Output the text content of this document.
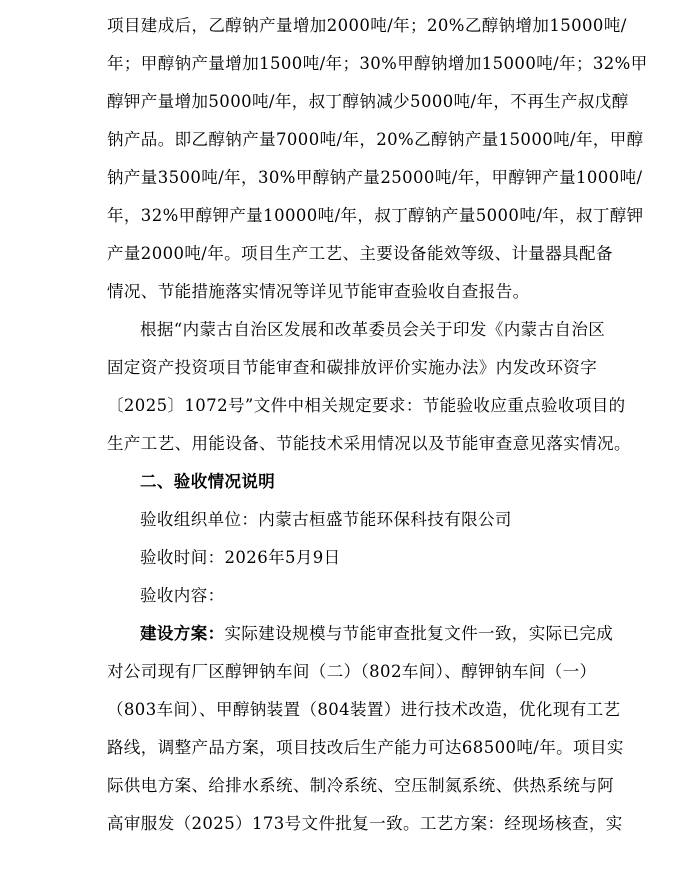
项目建成后，乙醇钠产量增加2000吨/年；20%乙醇钠增加15000吨/
年；甲醇钠产量增加1500吨/年；30%甲醇钠增加15000吨/年；32%甲
醇钾产量增加5000吨/年，叔丁醇钠减少5000吨/年，不再生产叔戊醇
钠产品。即乙醇钠产量7000吨/年，20%乙醇钠产量15000吨/年，甲醇
钠产量3500吨/年，30%甲醇钠产量25000吨/年，甲醇钾产量1000吨/
年，32%甲醇钾产量10000吨/年，叔丁醇钠产量5000吨/年，叔丁醇钾
产量2000吨/年。项目生产工艺、主要设备能效等级、计量器具配备
情况、节能措施落实情况等详见节能审查验收自查报告。
根据“内蒙古自治区发展和改革委员会关于印发《内蒙古自治区
固定资产投资项目节能审查和碳排放评价实施办法》内发改环资字
〔2025〕1072号”文件中相关规定要求：节能验收应重点验收项目的
生产工艺、用能设备、节能技术采用情况以及节能审查意见落实情况。
二、验收情况说明
验收组织单位：内蒙古桓盛节能环保科技有限公司
验收时间：2026年5月9日
验收内容：
建设方案：实际建设规模与节能审查批复文件一致，实际已完成
对公司现有厂区醇钾钠车间（二）（802车间）、醇钾钠车间（一）
（803车间）、甲醇钠装置（804装置）进行技术改造，优化现有工艺
路线，调整产品方案，项目技改后生产能力可达68500吨/年。项目实
际供电方案、给排水系统、制冷系统、空压制氮系统、供热系统与阿
高审服发（2025）173号文件批复一致。工艺方案：经现场核查，实
